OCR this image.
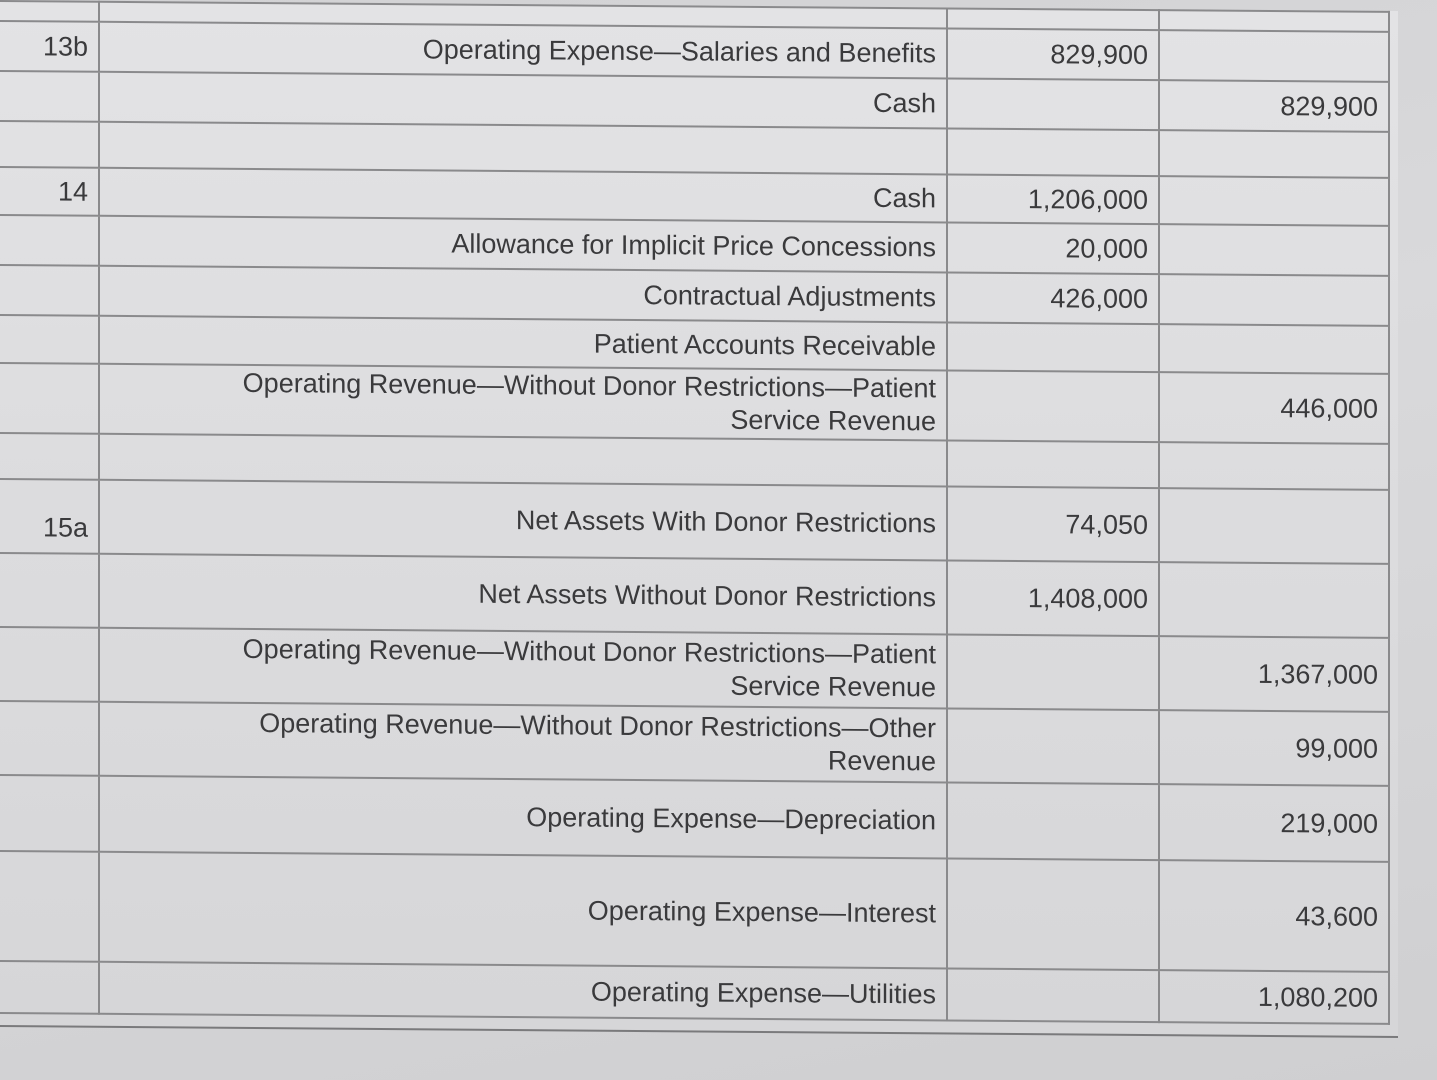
13b	Operating Expense—Salaries and Benefits	829,900	
	Cash		829,900

14	Cash	1,206,000	
	Allowance for Implicit Price Concessions	20,000	
	Contractual Adjustments	426,000	
	Patient Accounts Receivable		

	Operating Revenue—Without Donor Restrictions—Patient
Service Revenue		446,000

15a	Net Assets With Donor Restrictions	74,050	
	Net Assets Without Donor Restrictions	1,408,000	

	Operating Revenue—Without Donor Restrictions—Patient
Service Revenue		1,367,000

	Operating Revenue—Without Donor Restrictions—Other
Revenue		99,000
	Operating Expense—Depreciation		219,000
	Operating Expense—Interest		43,600
	Operating Expense—Utilities		1,080,200
